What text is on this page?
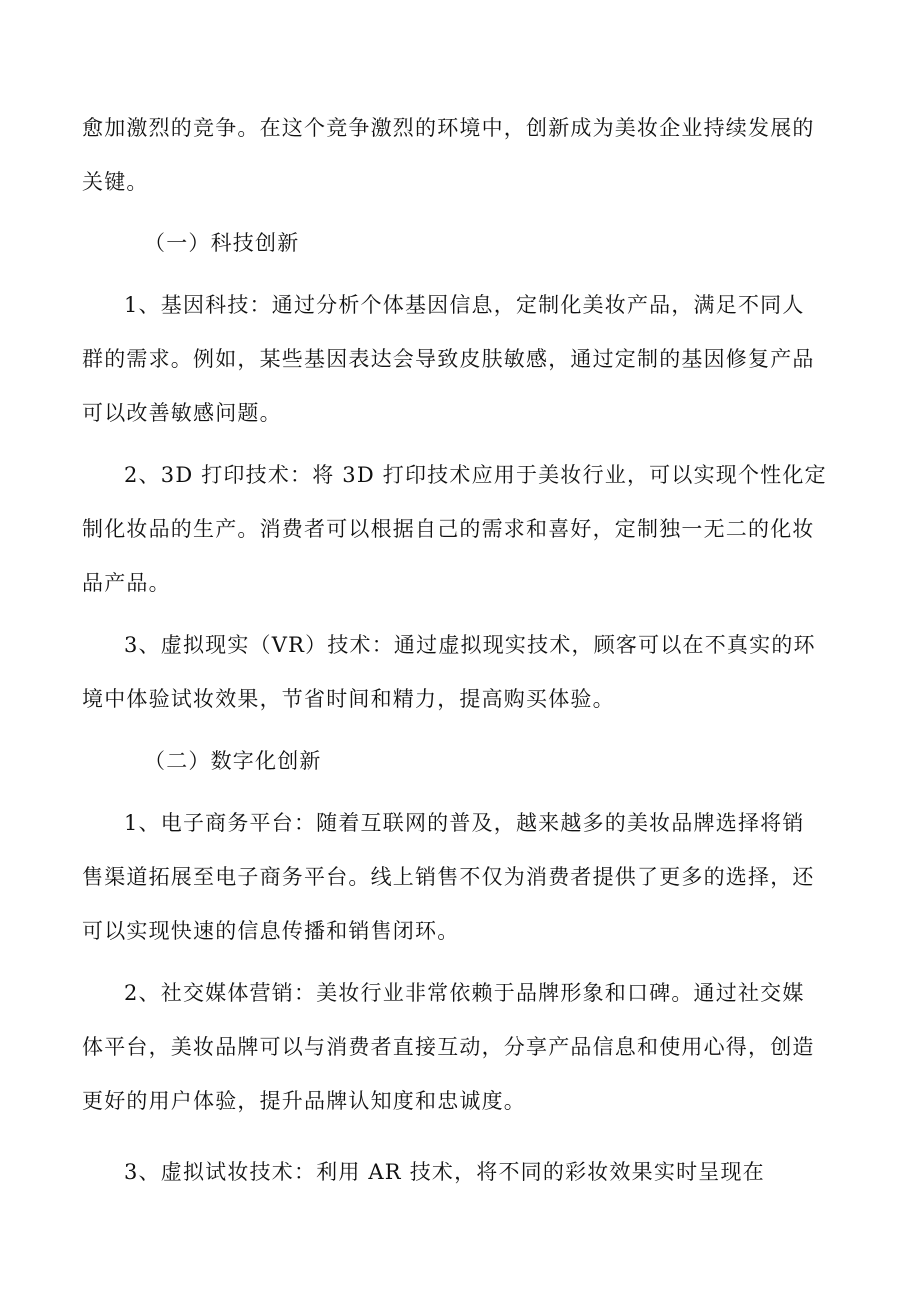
愈加激烈的竞争。在这个竞争激烈的环境中，创新成为美妆企业持续发展的
关键。
（一）科技创新
1、基因科技：通过分析个体基因信息，定制化美妆产品，满足不同人
群的需求。例如，某些基因表达会导致皮肤敏感，通过定制的基因修复产品
可以改善敏感问题。
2、3D 打印技术：将 3D 打印技术应用于美妆行业，可以实现个性化定
制化妆品的生产。消费者可以根据自己的需求和喜好，定制独一无二的化妆
品产品。
3、虚拟现实（VR）技术：通过虚拟现实技术，顾客可以在不真实的环
境中体验试妆效果，节省时间和精力，提高购买体验。
（二）数字化创新
1、电子商务平台：随着互联网的普及，越来越多的美妆品牌选择将销
售渠道拓展至电子商务平台。线上销售不仅为消费者提供了更多的选择，还
可以实现快速的信息传播和销售闭环。
2、社交媒体营销：美妆行业非常依赖于品牌形象和口碑。通过社交媒
体平台，美妆品牌可以与消费者直接互动，分享产品信息和使用心得，创造
更好的用户体验，提升品牌认知度和忠诚度。
3、虚拟试妆技术：利用 AR 技术，将不同的彩妆效果实时呈现在
